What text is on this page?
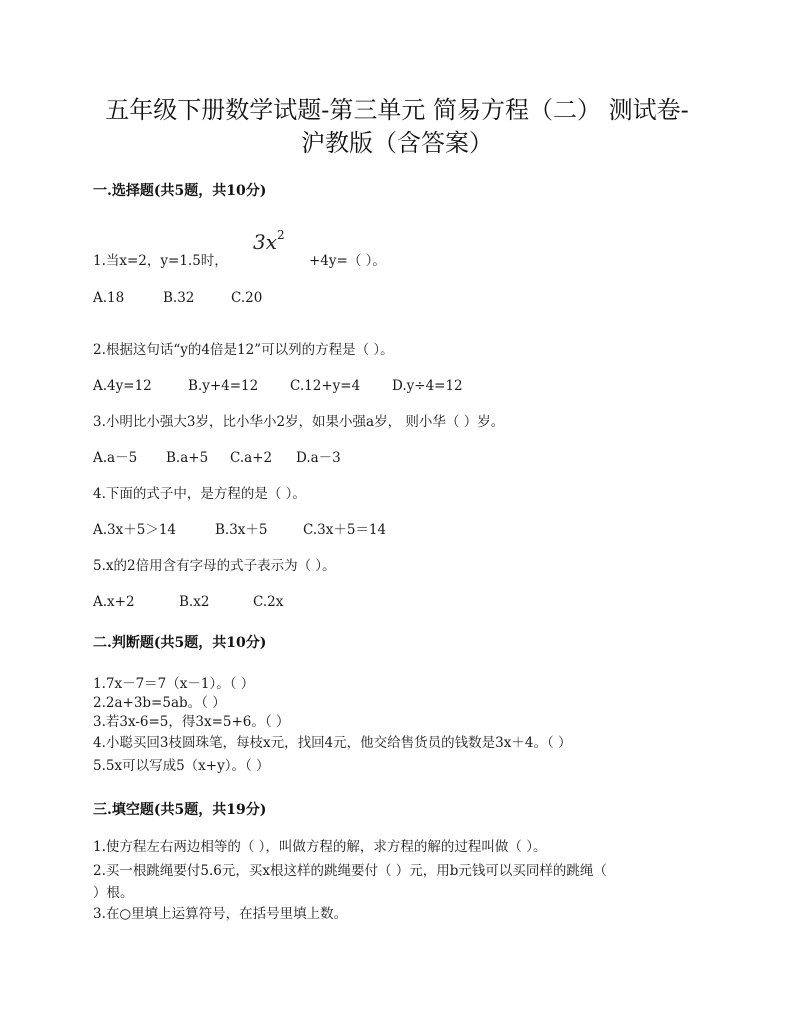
五年级下册数学试题-第三单元 简易方程（二） 测试卷-
沪教版（含答案）
一.选择题(共5题，共10分)
$3x^2$
1.当x=2，y=1.5时，	+4y=（ ）。
A.18	B.32	C.20
2.根据这句话“y的4倍是12”可以列的方程是（ ）。
A.4y=12	B.y+4=12 C.12+y=4 D.y÷4=12
3.小明比小强大3岁，比小华小2岁，如果小强a岁， 则小华（ ）岁。
A.a－5 B.a+5 C.a+2 D.a－3
4.下面的式子中，是方程的是（ ）。
A.3x＋5＞14	B.3x＋5	C.3x＋5＝14
5.x的2倍用含有字母的式子表示为（ ）。
A.x+2	B.x2	C.2x
二.判断题(共5题，共10分)
1.7x－7＝7（x－1）。（ ）
2.2a+3b=5ab。（ ）
3.若3x-6=5，得3x=5+6。（ ）
4.小聪买回3枝圆珠笔，每枝x元，找回4元，他交给售货员的钱数是3x＋4。（ ）
5.5x可以写成5（x+y）。（ ）
三.填空题(共5题，共19分)
1.使方程左右两边相等的（ ），叫做方程的解，求方程的解的过程叫做（ ）。
2.买一根跳绳要付5.6元，买x根这样的跳绳要付（ ）元，用b元钱可以买同样的跳绳（
）根。
3.在○里填上运算符号，在括号里填上数。
